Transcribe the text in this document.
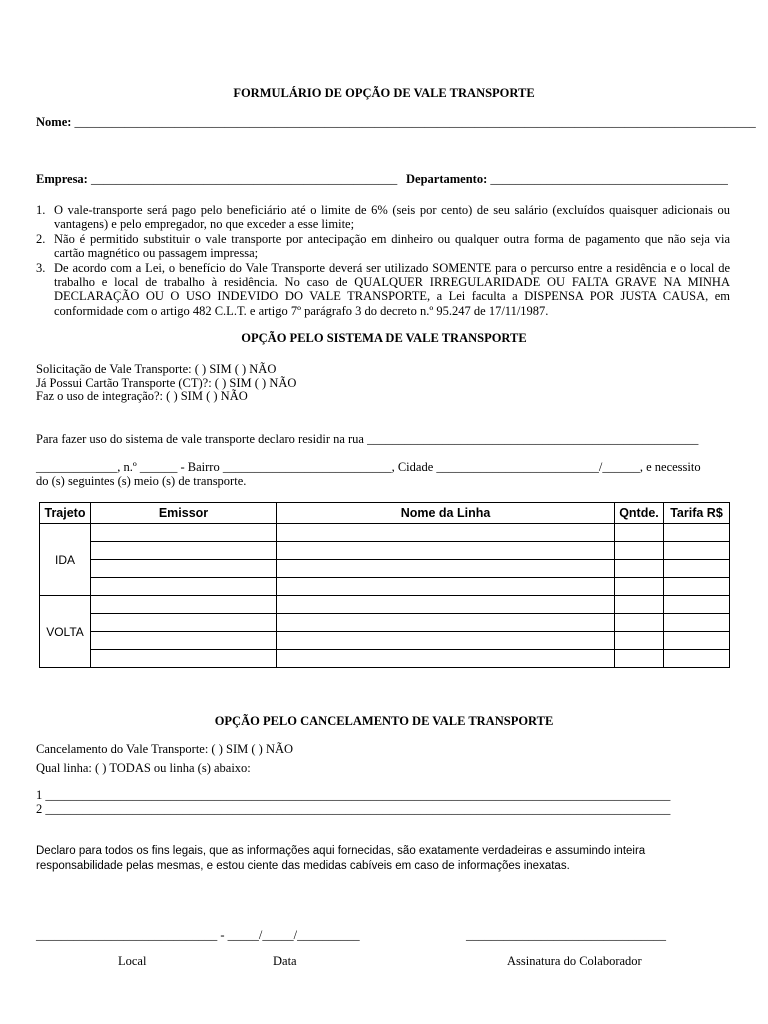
FORMULÁRIO DE OPÇÃO DE VALE TRANSPORTE
Nome: _____________________________________________________________________________________________________________
Empresa: _________________________________________________ Departamento: ______________________________________
1. O vale-transporte será pago pelo beneficiário até o limite de 6% (seis por cento) de seu salário (excluídos quaisquer adicionais ou vantagens) e pelo empregador, no que exceder a esse limite;
2. Não é permitido substituir o vale transporte por antecipação em dinheiro ou qualquer outra forma de pagamento que não seja via cartão magnético ou passagem impressa;
3. De acordo com a Lei, o benefício do Vale Transporte deverá ser utilizado SOMENTE para o percurso entre a residência e o local de trabalho e local de trabalho à residência. No caso de QUALQUER IRREGULARIDADE OU FALTA GRAVE NA MINHA DECLARAÇÃO OU O USO INDEVIDO DO VALE TRANSPORTE, a Lei faculta a DISPENSA POR JUSTA CAUSA, em conformidade com o artigo 482 C.L.T. e artigo 7º parágrafo 3 do decreto n.º 95.247 de 17/11/1987.
OPÇÃO PELO SISTEMA DE VALE TRANSPORTE
Solicitação de Vale Transporte: ( ) SIM ( ) NÃO
Já Possui Cartão Transporte (CT)?: ( ) SIM ( ) NÃO
Faz o uso de integração?: ( ) SIM ( ) NÃO
Para fazer uso do sistema de vale transporte declaro residir na rua _____________________________________________________
_____________, n.º ______ - Bairro ___________________________, Cidade __________________________/______, e necessito
do (s) seguintes (s) meio (s) de transporte.
Trajeto	Emissor	Nome da Linha	Qntde.	Tarifa R$
IDA				

VOLTA				

OPÇÃO PELO CANCELAMENTO DE VALE TRANSPORTE
Cancelamento do Vale Transporte: ( ) SIM ( ) NÃO
Qual linha: ( ) TODAS ou linha (s) abaixo:
1 ____________________________________________________________________________________________________
2 ____________________________________________________________________________________________________
Declaro para todos os fins legais, que as informações aqui fornecidas, são exatamente verdadeiras e assumindo inteira responsabilidade pelas mesmas, e estou ciente das medidas cabíveis em caso de informações inexatas.
_____________________________ - _____/_____/__________	________________________________
Local	Data	Assinatura do Colaborador
